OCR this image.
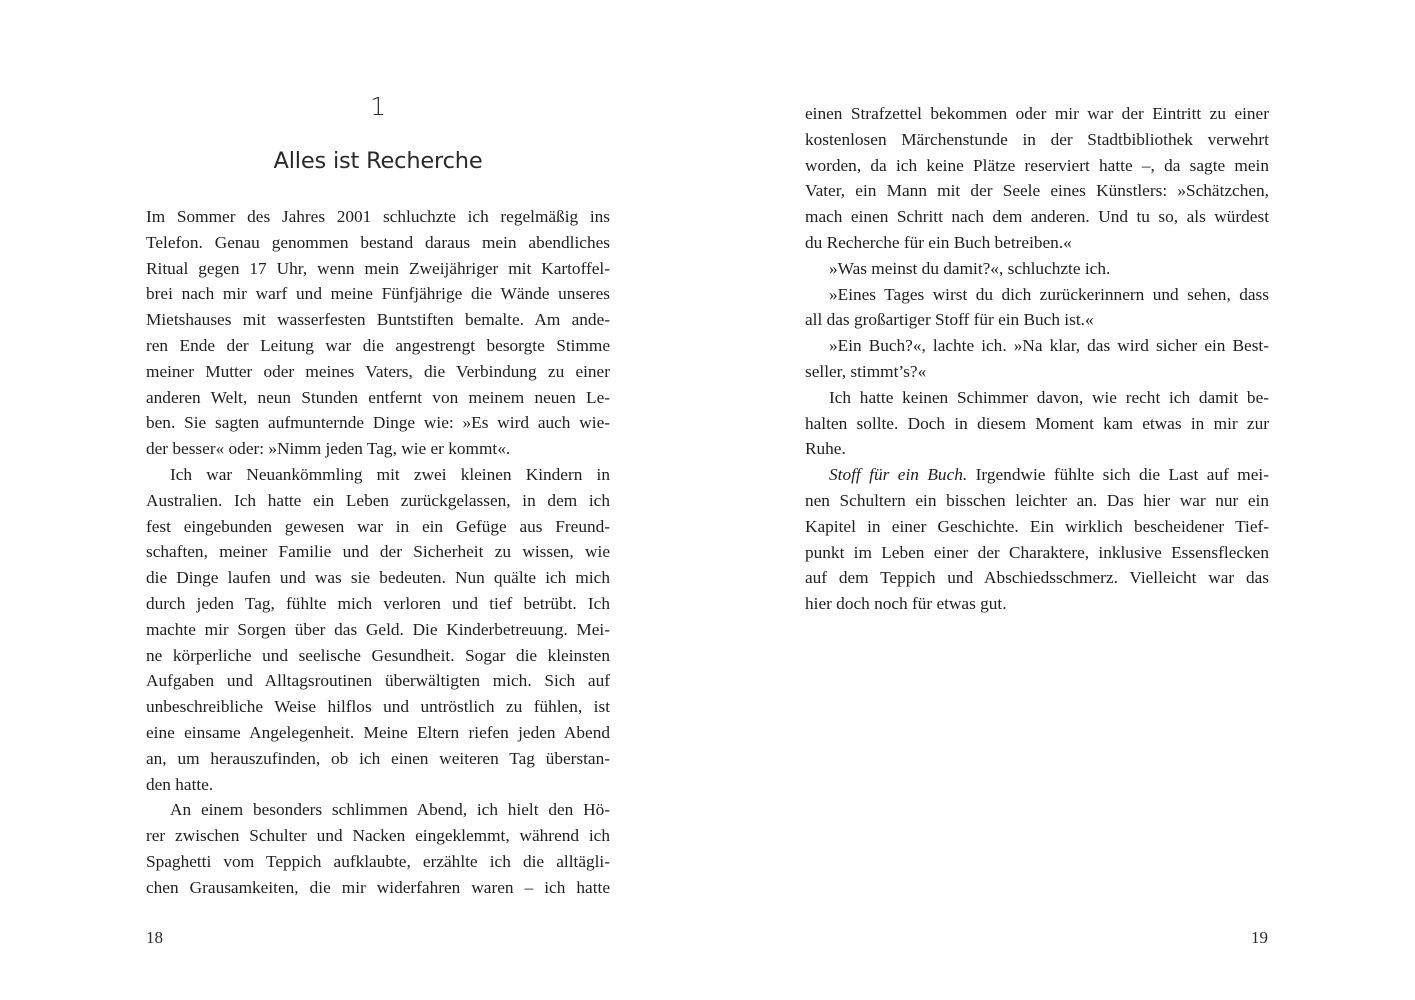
1
Alles ist Recherche
Im Sommer des Jahres 2001 schluchzte ich regelmäßig ins
Telefon. Genau genommen bestand daraus mein abendliches
Ritual gegen 17 Uhr, wenn mein Zweijähriger mit Kartoffel-
brei nach mir warf und meine Fünfjährige die Wände unseres
Mietshauses mit wasserfesten Buntstiften bemalte. Am ande-
ren Ende der Leitung war die angestrengt besorgte Stimme
meiner Mutter oder meines Vaters, die Verbindung zu einer
anderen Welt, neun Stunden entfernt von meinem neuen Le-
ben. Sie sagten aufmunternde Dinge wie: »Es wird auch wie-
der besser« oder: »Nimm jeden Tag, wie er kommt«.
Ich war Neuankömmling mit zwei kleinen Kindern in
Australien. Ich hatte ein Leben zurückgelassen, in dem ich
fest eingebunden gewesen war in ein Gefüge aus Freund-
schaften, meiner Familie und der Sicherheit zu wissen, wie
die Dinge laufen und was sie bedeuten. Nun quälte ich mich
durch jeden Tag, fühlte mich verloren und tief betrübt. Ich
machte mir Sorgen über das Geld. Die Kinderbetreuung. Mei-
ne körperliche und seelische Gesundheit. Sogar die kleinsten
Aufgaben und Alltagsroutinen überwältigten mich. Sich auf
unbeschreibliche Weise hilflos und untröstlich zu fühlen, ist
eine einsame Angelegenheit. Meine Eltern riefen jeden Abend
an, um herauszufinden, ob ich einen weiteren Tag überstan-
den hatte.
An einem besonders schlimmen Abend, ich hielt den Hö-
rer zwischen Schulter und Nacken eingeklemmt, während ich
Spaghetti vom Teppich aufklaubte, erzählte ich die alltägli-
chen Grausamkeiten, die mir widerfahren waren – ich hatte
18
einen Strafzettel bekommen oder mir war der Eintritt zu einer
kostenlosen Märchenstunde in der Stadtbibliothek verwehrt
worden, da ich keine Plätze reserviert hatte –, da sagte mein
Vater, ein Mann mit der Seele eines Künstlers: »Schätzchen,
mach einen Schritt nach dem anderen. Und tu so, als würdest
du Recherche für ein Buch betreiben.«
»Was meinst du damit?«, schluchzte ich.
»Eines Tages wirst du dich zurückerinnern und sehen, dass
all das großartiger Stoff für ein Buch ist.«
»Ein Buch?«, lachte ich. »Na klar, das wird sicher ein Best-
seller, stimmt’s?«
Ich hatte keinen Schimmer davon, wie recht ich damit be-
halten sollte. Doch in diesem Moment kam etwas in mir zur
Ruhe.
Stoff für ein Buch. Irgendwie fühlte sich die Last auf mei-
nen Schultern ein bisschen leichter an. Das hier war nur ein
Kapitel in einer Geschichte. Ein wirklich bescheidener Tief-
punkt im Leben einer der Charaktere, inklusive Essensflecken
auf dem Teppich und Abschiedsschmerz. Vielleicht war das
hier doch noch für etwas gut.
19
